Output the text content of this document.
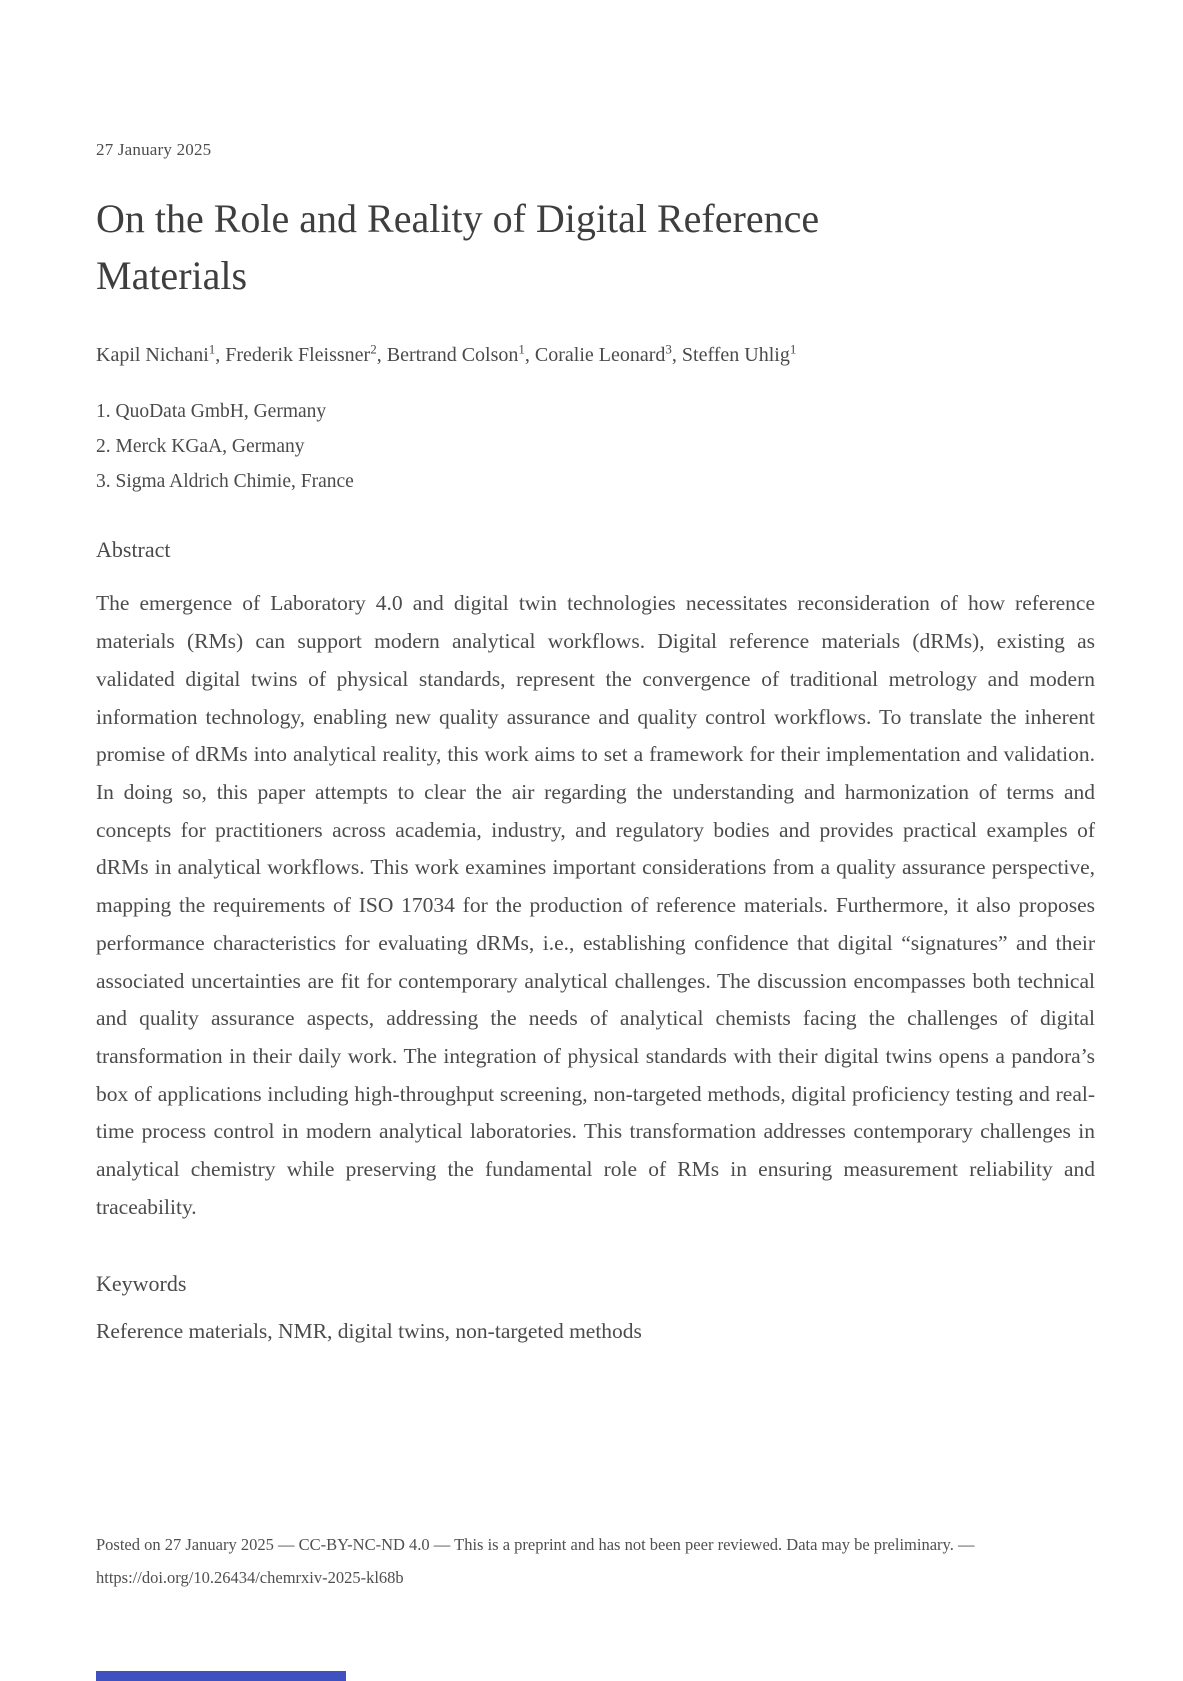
27 January 2025
On the Role and Reality of Digital Reference Materials
Kapil Nichani$^1$, Frederik Fleissner$^2$, Bertrand Colson$^1$, Coralie Leonard$^3$, Steffen Uhlig$^1$
1. QuoData GmbH, Germany
2. Merck KGaA, Germany
3. Sigma Aldrich Chimie, France
Abstract
The emergence of Laboratory 4.0 and digital twin technologies necessitates reconsideration of how reference materials (RMs) can support modern analytical workflows. Digital reference materials (dRMs), existing as validated digital twins of physical standards, represent the convergence of traditional metrology and modern information technology, enabling new quality assurance and quality control workflows. To translate the inherent promise of dRMs into analytical reality, this work aims to set a framework for their implementation and validation. In doing so, this paper attempts to clear the air regarding the understanding and harmonization of terms and concepts for practitioners across academia, industry, and regulatory bodies and provides practical examples of dRMs in analytical workflows. This work examines important considerations from a quality assurance perspective, mapping the requirements of ISO 17034 for the production of reference materials. Furthermore, it also proposes performance characteristics for evaluating dRMs, i.e., establishing confidence that digital “signatures” and their associated uncertainties are fit for contemporary analytical challenges. The discussion encompasses both technical and quality assurance aspects, addressing the needs of analytical chemists facing the challenges of digital transformation in their daily work. The integration of physical standards with their digital twins opens a pandora’s box of applications including high-throughput screening, non-targeted methods, digital proficiency testing and real-time process control in modern analytical laboratories. This transformation addresses contemporary challenges in analytical chemistry while preserving the fundamental role of RMs in ensuring measurement reliability and traceability.
Keywords
Reference materials, NMR, digital twins, non-targeted methods
Posted on 27 January 2025 — CC-BY-NC-ND 4.0 — This is a preprint and has not been peer reviewed. Data may be preliminary. —
https://doi.org/10.26434/chemrxiv-2025-kl68b
